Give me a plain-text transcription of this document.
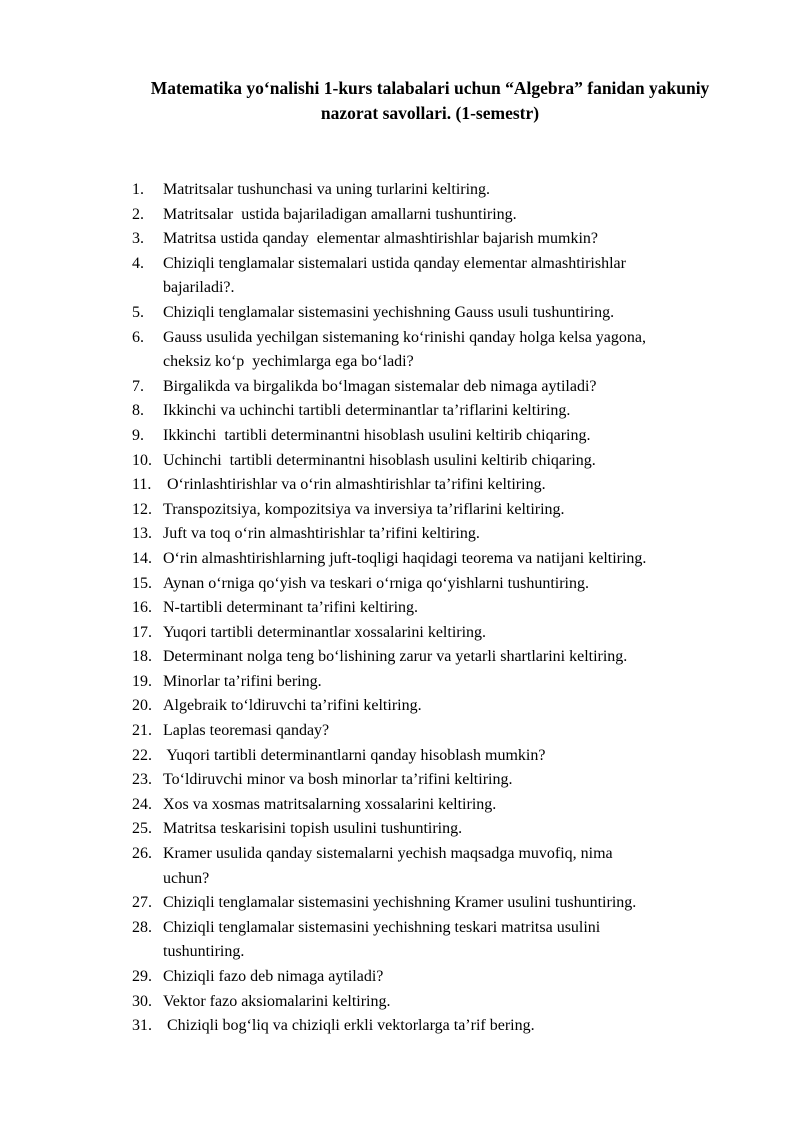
Matematika yo‘nalishi 1-kurs talabalari uchun “Algebra” fanidan yakuniy
nazorat savollari. (1-semestr)
1.	Matritsalar tushunchasi va uning turlarini keltiring.
2.	Matritsalar  ustida bajariladigan amallarni tushuntiring.
3.	Matritsa ustida qanday  elementar almashtirishlar bajarish mumkin?
4.	Chiziqli tenglamalar sistemalari ustida qanday elementar almashtirishlar
bajariladi?.
5.	Chiziqli tenglamalar sistemasini yechishning Gauss usuli tushuntiring.
6.	Gauss usulida yechilgan sistemaning ko‘rinishi qanday holga kelsa yagona,
cheksiz ko‘p  yechimlarga ega bo‘ladi?
7.	Birgalikda va birgalikda bo‘lmagan sistemalar deb nimaga aytiladi?
8.	Ikkinchi va uchinchi tartibli determinantlar ta’riflarini keltiring.
9.	Ikkinchi  tartibli determinantni hisoblash usulini keltirib chiqaring.
10. Uchinchi  tartibli determinantni hisoblash usulini keltirib chiqaring.
11. O‘rinlashtirishlar va o‘rin almashtirishlar ta’rifini keltiring.
12. Transpozitsiya, kompozitsiya va inversiya ta’riflarini keltiring.
13. Juft va toq o‘rin almashtirishlar ta’rifini keltiring.
14. O‘rin almashtirishlarning juft-toqligi haqidagi teorema va natijani keltiring.
15. Aynan o‘rniga qo‘yish va teskari o‘rniga qo‘yishlarni tushuntiring.
16. N-tartibli determinant ta’rifini keltiring.
17. Yuqori tartibli determinantlar xossalarini keltiring.
18. Determinant nolga teng bo‘lishining zarur va yetarli shartlarini keltiring.
19. Minorlar ta’rifini bering.
20. Algebraik to‘ldiruvchi ta’rifini keltiring.
21. Laplas teoremasi qanday?
22. Yuqori tartibli determinantlarni qanday hisoblash mumkin?
23. To‘ldiruvchi minor va bosh minorlar ta’rifini keltiring.
24. Xos va xosmas matritsalarning xossalarini keltiring.
25. Matritsa teskarisini topish usulini tushuntiring.
26. Kramer usulida qanday sistemalarni yechish maqsadga muvofiq, nima
uchun?
27. Chiziqli tenglamalar sistemasini yechishning Kramer usulini tushuntiring.
28. Chiziqli tenglamalar sistemasini yechishning teskari matritsa usulini
tushuntiring.
29. Chiziqli fazo deb nimaga aytiladi?
30. Vektor fazo aksiomalarini keltiring.
31. Chiziqli bog‘liq va chiziqli erkli vektorlarga ta’rif bering.
